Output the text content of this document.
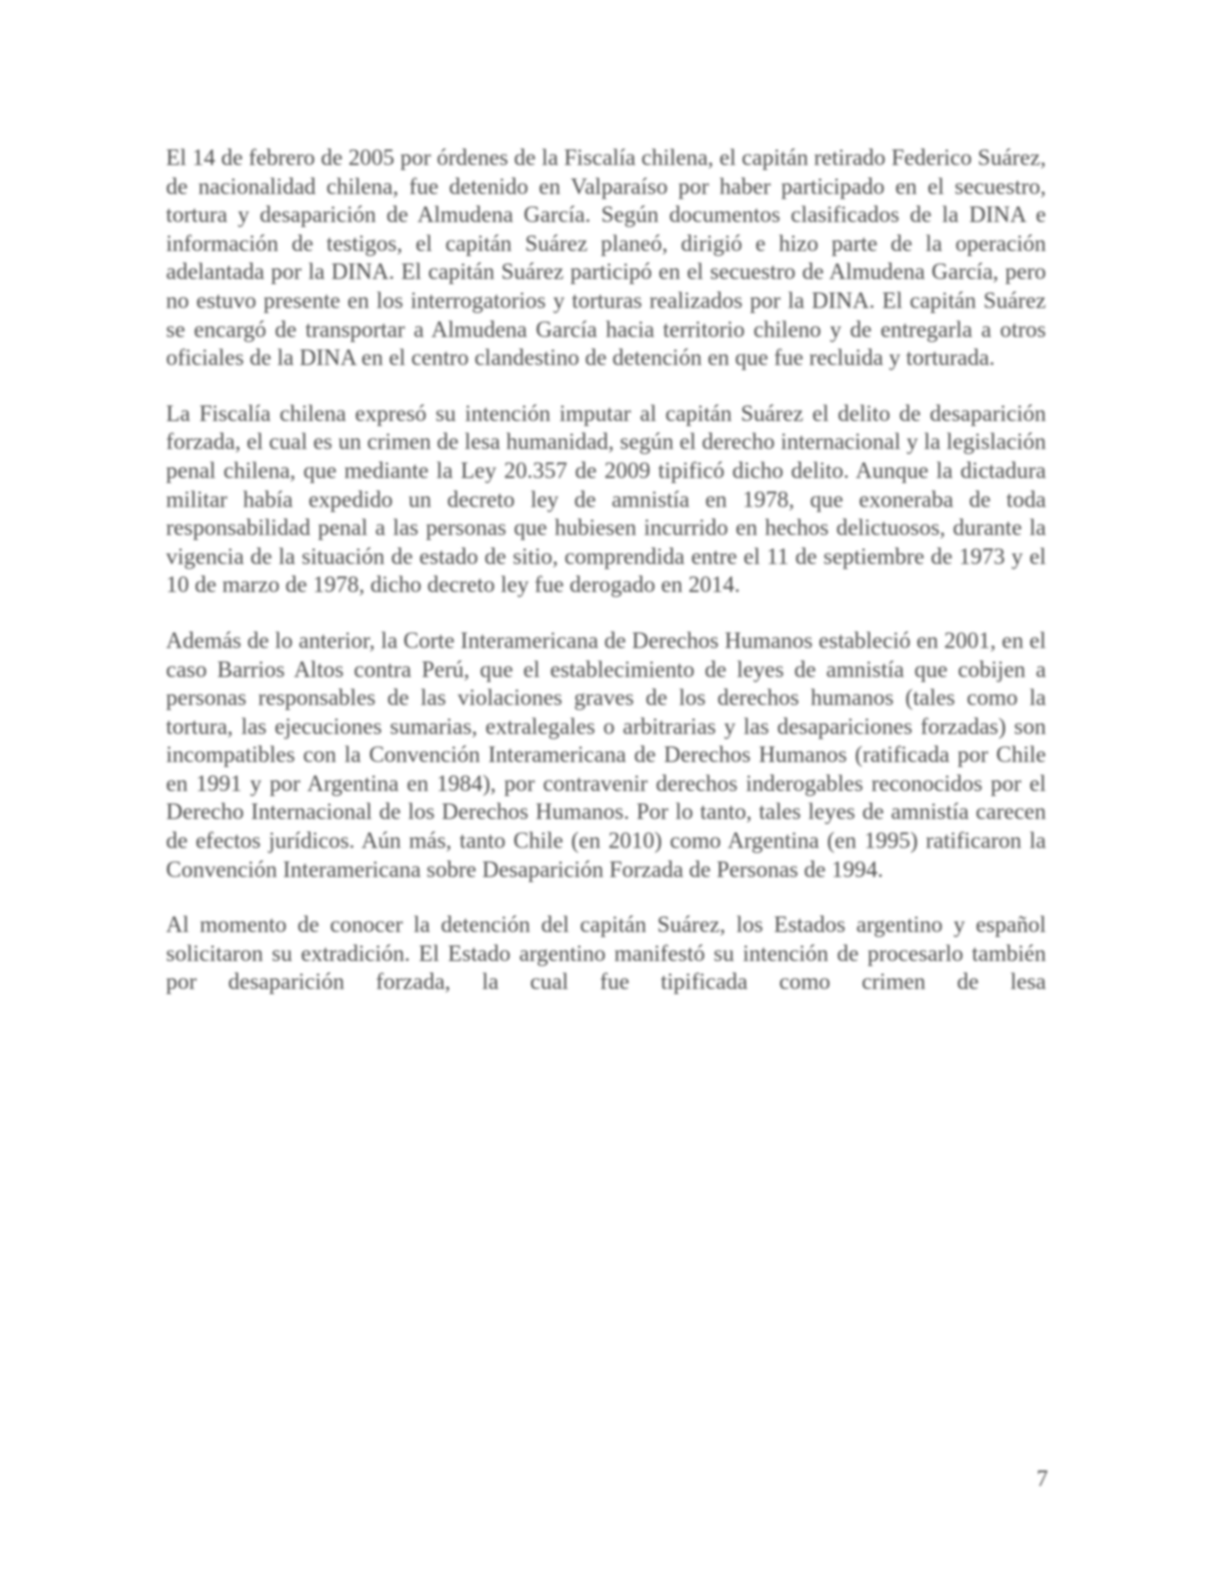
El 14 de febrero de 2005 por órdenes de la Fiscalía chilena, el capitán retirado Federico Suárez, de nacionalidad chilena, fue detenido en Valparaíso por haber participado en el secuestro, tortura y desaparición de Almudena García. Según documentos clasificados de la DINA e información de testigos, el capitán Suárez planeó, dirigió e hizo parte de la operación adelantada por la DINA. El capitán Suárez participó en el secuestro de Almudena García, pero no estuvo presente en los interrogatorios y torturas realizados por la DINA. El capitán Suárez se encargó de transportar a Almudena García hacia territorio chileno y de entregarla a otros oficiales de la DINA en el centro clandestino de detención en que fue recluida y torturada.

La Fiscalía chilena expresó su intención imputar al capitán Suárez el delito de desaparición forzada, el cual es un crimen de lesa humanidad, según el derecho internacional y la legislación penal chilena, que mediante la Ley 20.357 de 2009 tipificó dicho delito. Aunque la dictadura militar había expedido un decreto ley de amnistía en 1978, que exoneraba de toda responsabilidad penal a las personas que hubiesen incurrido en hechos delictuosos, durante la vigencia de la situación de estado de sitio, comprendida entre el 11 de septiembre de 1973 y el 10 de marzo de 1978, dicho decreto ley fue derogado en 2014.

Además de lo anterior, la Corte Interamericana de Derechos Humanos estableció en 2001, en el caso Barrios Altos contra Perú, que el establecimiento de leyes de amnistía que cobijen a personas responsables de las violaciones graves de los derechos humanos (tales como la tortura, las ejecuciones sumarias, extralegales o arbitrarias y las desapariciones forzadas) son incompatibles con la Convención Interamericana de Derechos Humanos (ratificada por Chile en 1991 y por Argentina en 1984), por contravenir derechos inderogables reconocidos por el Derecho Internacional de los Derechos Humanos. Por lo tanto, tales leyes de amnistía carecen de efectos jurídicos. Aún más, tanto Chile (en 2010) como Argentina (en 1995) ratificaron la Convención Interamericana sobre Desaparición Forzada de Personas de 1994.

Al momento de conocer la detención del capitán Suárez, los Estados argentino y español solicitaron su extradición. El Estado argentino manifestó su intención de procesarlo también por desaparición forzada, la cual fue tipificada como crimen de lesa

7
